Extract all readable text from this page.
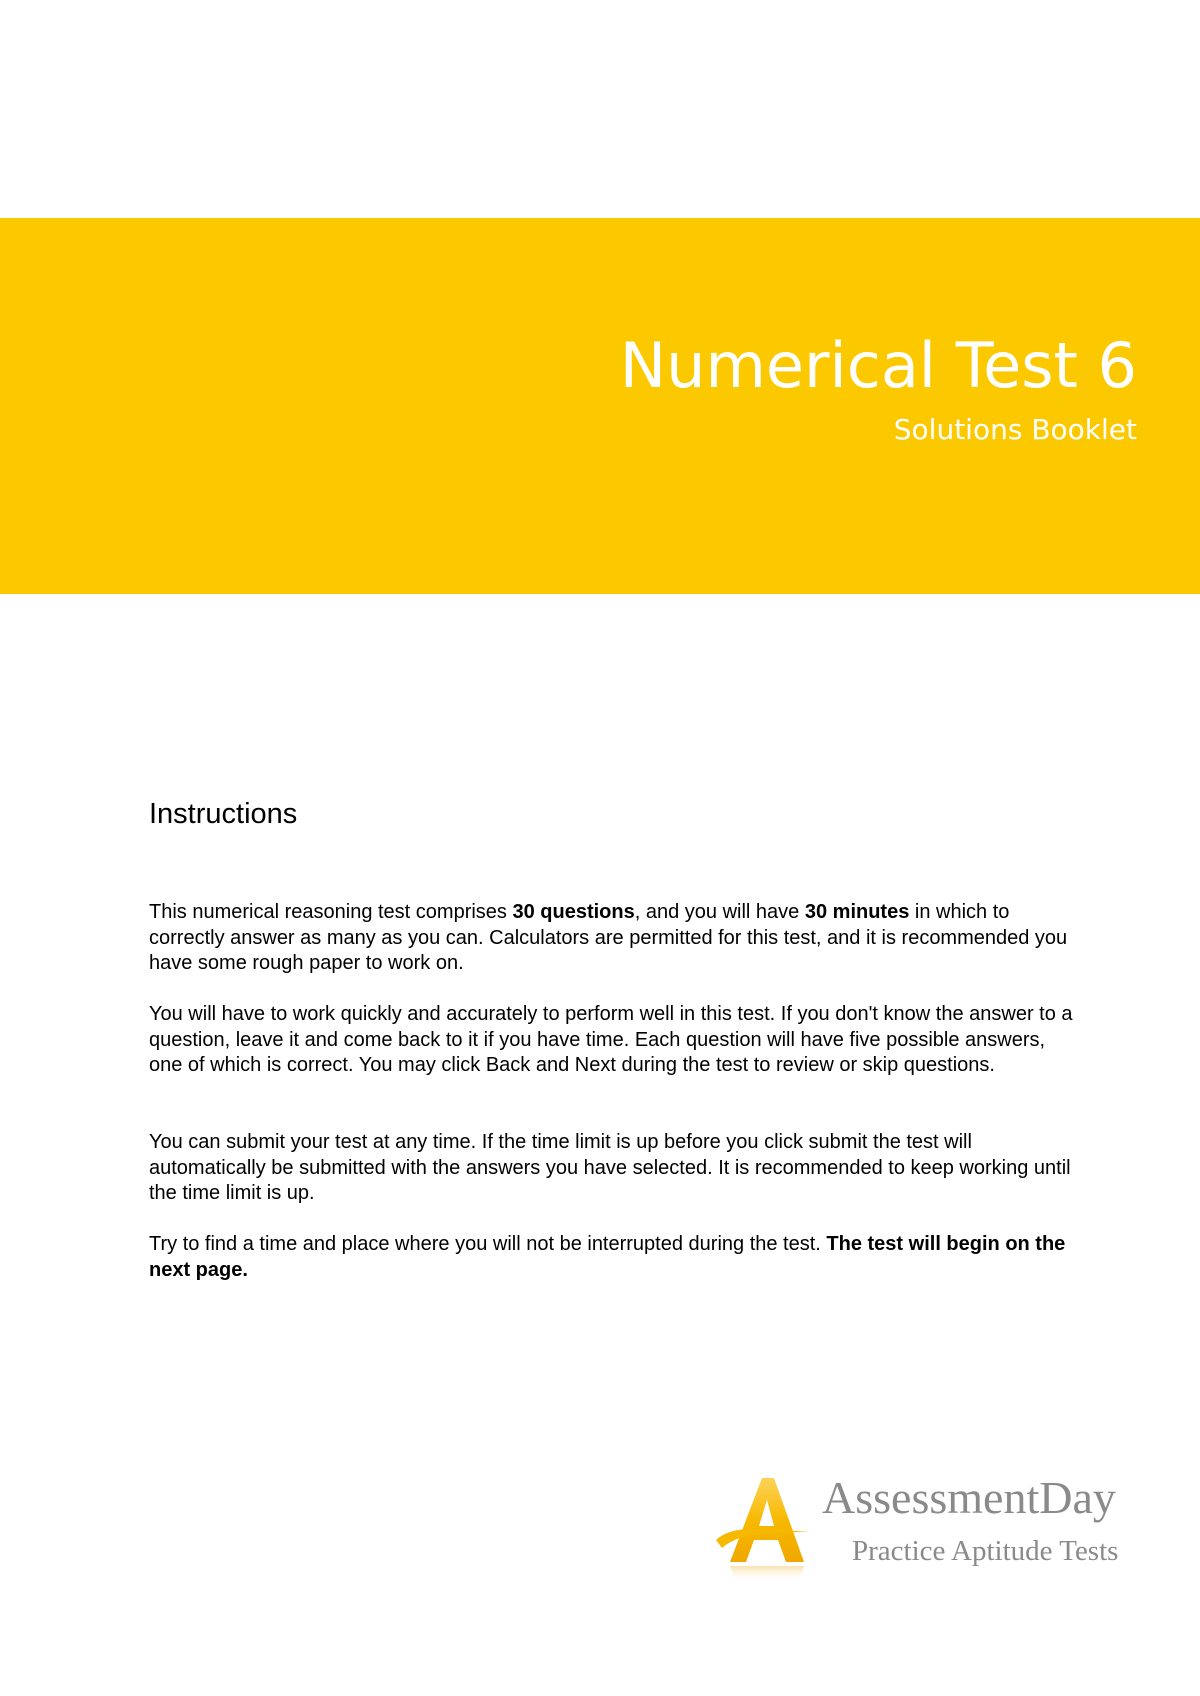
Numerical Test 6
Solutions Booklet
Instructions

This numerical reasoning test comprises 30 questions, and you will have 30 minutes in which to correctly answer as many as you can. Calculators are permitted for this test, and it is recommended you have some rough paper to work on.

You will have to work quickly and accurately to perform well in this test. If you don't know the answer to a question, leave it and come back to it if you have time. Each question will have five possible answers, one of which is correct. You may click Back and Next during the test to review or skip questions.

You can submit your test at any time. If the time limit is up before you click submit the test will automatically be submitted with the answers you have selected. It is recommended to keep working until the time limit is up.

Try to find a time and place where you will not be interrupted during the test. The test will begin on the next page.

AssessmentDay
Practice Aptitude Tests
